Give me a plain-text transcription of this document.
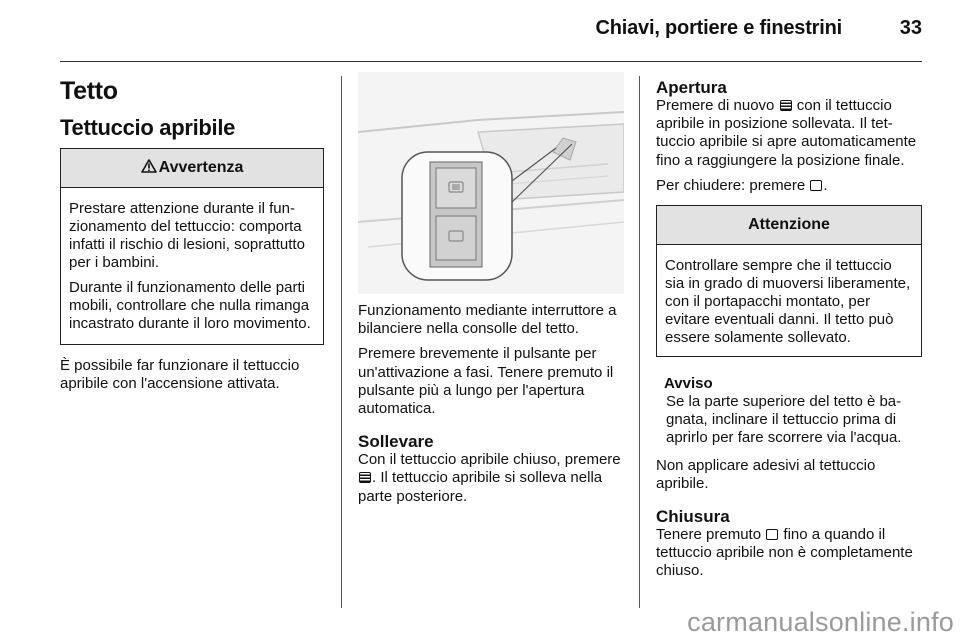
Chiavi, portiere e finestrini	33
Tetto
Tettuccio apribile
Avvertenza

Prestare attenzione durante il funzionamento del tettuccio: comporta infatti il rischio di lesioni, soprattutto per i bambini.

Durante il funzionamento delle parti mobili, controllare che nulla rimanga incastrato durante il loro movimento.

È possibile far funzionare il tettuccio apribile con l'accensione attivata.

Funzionamento mediante interruttore a bilanciere nella consolle del tetto.

Premere brevemente il pulsante per un'attivazione a fasi. Tenere premuto il pulsante più a lungo per l'apertura automatica.

Sollevare

Con il tettuccio apribile chiuso, premere . Il tettuccio apribile si solleva nella parte posteriore.

Apertura

Premere di nuovo  con il tettuccio apribile in posizione sollevata. Il tettuccio apribile si apre automaticamente fino a raggiungere la posizione finale.

Per chiudere: premere .

Attenzione

Controllare sempre che il tettuccio sia in grado di muoversi liberamente, con il portapacchi montato, per evitare eventuali danni. Il tetto può essere solamente sollevato.

Avviso

Se la parte superiore del tetto è bagnata, inclinare il tettuccio prima di aprirlo per fare scorrere via l'acqua.

Non applicare adesivi al tettuccio apribile.

Chiusura

Tenere premuto  fino a quando il tettuccio apribile non è completamente chiuso.

carmanualsonline.info
